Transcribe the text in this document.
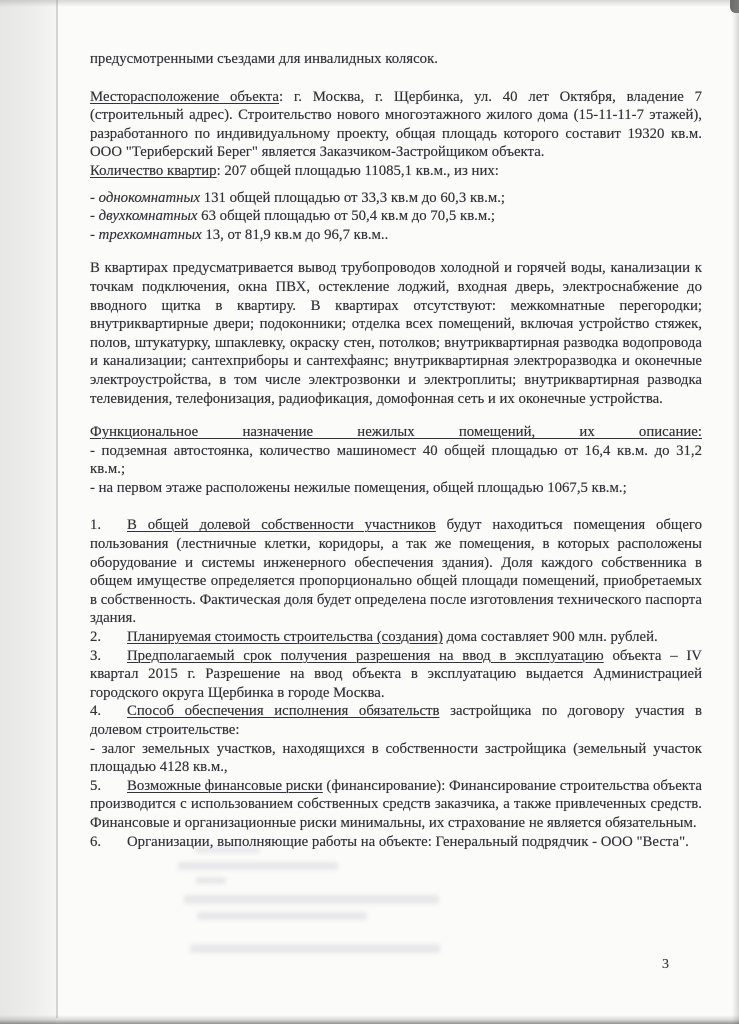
предусмотренными съездами для инвалидных колясок.

Месторасположение объекта: г. Москва, г. Щербинка, ул. 40 лет Октября, владение 7 (строительный адрес). Строительство нового многоэтажного жилого дома (15-11-11-7 этажей), разработанного по индивидуальному проекту, общая площадь которого составит 19320 кв.м. ООО "Териберский Берег" является Заказчиком-Застройщиком объекта.

Количество квартир: 207 общей площадью 11085,1 кв.м., из них:

- однокомнатных 131 общей площадью от 33,3 кв.м до 60,3 кв.м.;

- двухкомнатных 63 общей площадью от 50,4 кв.м до 70,5 кв.м.;

- трехкомнатных 13, от 81,9 кв.м до 96,7 кв.м..

В квартирах предусматривается вывод трубопроводов холодной и горячей воды, канализации к точкам подключения, окна ПВХ, остекление лоджий, входная дверь, электроснабжение до вводного щитка в квартиру. В квартирах отсутствуют: межкомнатные перегородки; внутриквартирные двери; подоконники; отделка всех помещений, включая устройство стяжек, полов, штукатурку, шпаклевку, окраску стен, потолков; внутриквартирная разводка водопровода и канализации; сантехприборы и сантехфаянс; внутриквартирная электроразводка и оконечные электроустройства, в том числе электрозвонки и электроплиты; внутриквартирная разводка телевидения, телефонизация, радиофикация, домофонная сеть и их оконечные устройства.

Функциональное назначение нежилых помещений, их описание:

- подземная автостоянка, количество машиномест 40 общей площадью от 16,4 кв.м. до 31,2 кв.м.;

- на первом этаже расположены нежилые помещения, общей площадью 1067,5 кв.м.;

1. В общей долевой собственности участников будут находиться помещения общего пользования (лестничные клетки, коридоры, а так же помещения, в которых расположены оборудование и системы инженерного обеспечения здания). Доля каждого собственника в общем имуществе определяется пропорционально общей площади помещений, приобретаемых в собственность. Фактическая доля будет определена после изготовления технического паспорта здания.

2. Планируемая стоимость строительства (создания) дома составляет 900 млн. рублей.

3. Предполагаемый срок получения разрешения на ввод в эксплуатацию объекта – IV квартал 2015 г. Разрешение на ввод объекта в эксплуатацию выдается Администрацией городского округа Щербинка в городе Москва.

4. Способ обеспечения исполнения обязательств застройщика по договору участия в долевом строительстве:

- залог земельных участков, находящихся в собственности застройщика (земельный участок площадью 4128 кв.м.,

5. Возможные финансовые риски (финансирование): Финансирование строительства объекта производится с использованием собственных средств заказчика, а также привлеченных средств. Финансовые и организационные риски минимальны, их страхование не является обязательным.

6. Организации, выполняющие работы на объекте: Генеральный подрядчик - ООО "Веста".

3
